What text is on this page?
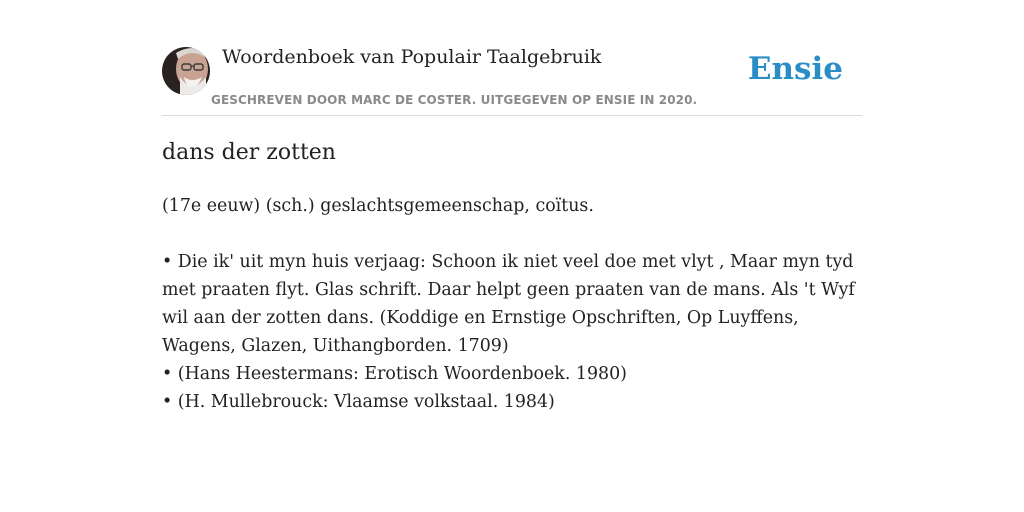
Woordenboek van Populair Taalgebruik
GESCHREVEN DOOR MARC DE COSTER. UITGEGEVEN OP ENSIE IN 2020.
Ensie
dans der zotten
(17e eeuw) (sch.) geslachtsgemeenschap, coïtus.
• Die ik' uit myn huis verjaag: Schoon ik niet veel doe met vlyt , Maar myn tyd met praaten flyt. Glas schrift. Daar helpt geen praaten van de mans. Als 't Wyf wil aan der zotten dans. (Koddige en Ernstige Opschriften, Op Luyffens, Wagens, Glazen, Uithangborden. 1709)
• (Hans Heestermans: Erotisch Woordenboek. 1980)
• (H. Mullebrouck: Vlaamse volkstaal. 1984)
